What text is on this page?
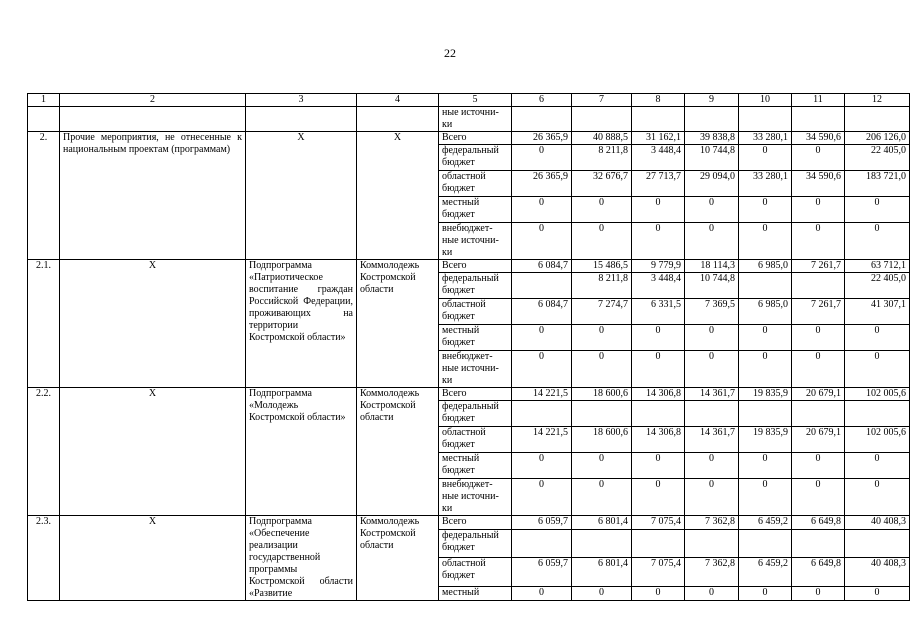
22
1	2	3	4	5	6	7	8	9	10	11	12
				ные источни-ки							
2.	Прочие мероприятия, не отнесенные к национальным проектам (программам)	Х	Х	Всего	26 365,9	40 888,5	31 162,1	39 838,8	33 280,1	34 590,6	206 126,0
				федеральный бюджет	0	8 211,8	3 448,4	10 744,8	0	0	22 405,0
				областной бюджет	26 365,9	32 676,7	27 713,7	29 094,0	33 280,1	34 590,6	183 721,0
				местный бюджет	0	0	0	0	0	0	0
				внебюджет-ные источни-ки	0	0	0	0	0	0	0
2.1.	Х	Подпрограмма «Патриотическое воспитание граждан Российской Федерации, проживающих на территории Костромской области»	Коммолодежь Костромской области	Всего	6 084,7	15 486,5	9 779,9	18 114,3	6 985,0	7 261,7	63 712,1
				федеральный бюджет		8 211,8	3 448,4	10 744,8			22 405,0
				областной бюджет	6 084,7	7 274,7	6 331,5	7 369,5	6 985,0	7 261,7	41 307,1
				местный бюджет	0	0	0	0	0	0	0
				внебюджет-ные источни-ки	0	0	0	0	0	0	0
2.2.	Х	Подпрограмма «Молодежь Костромской области»	Коммолодежь Костромской области	Всего	14 221,5	18 600,6	14 306,8	14 361,7	19 835,9	20 679,1	102 005,6
				федеральный бюджет							
				областной бюджет	14 221,5	18 600,6	14 306,8	14 361,7	19 835,9	20 679,1	102 005,6
				местный бюджет	0	0	0	0	0	0	0
				внебюджет-ные источни-ки	0	0	0	0	0	0	0
2.3.	Х	Подпрограмма «Обеспечение реализации государственной программы Костромской области «Развитие	Коммолодежь Костромской области	Всего	6 059,7	6 801,4	7 075,4	7 362,8	6 459,2	6 649,8	40 408,3
				федеральный бюджет							
				областной бюджет	6 059,7	6 801,4	7 075,4	7 362,8	6 459,2	6 649,8	40 408,3
				местный	0	0	0	0	0	0	0
